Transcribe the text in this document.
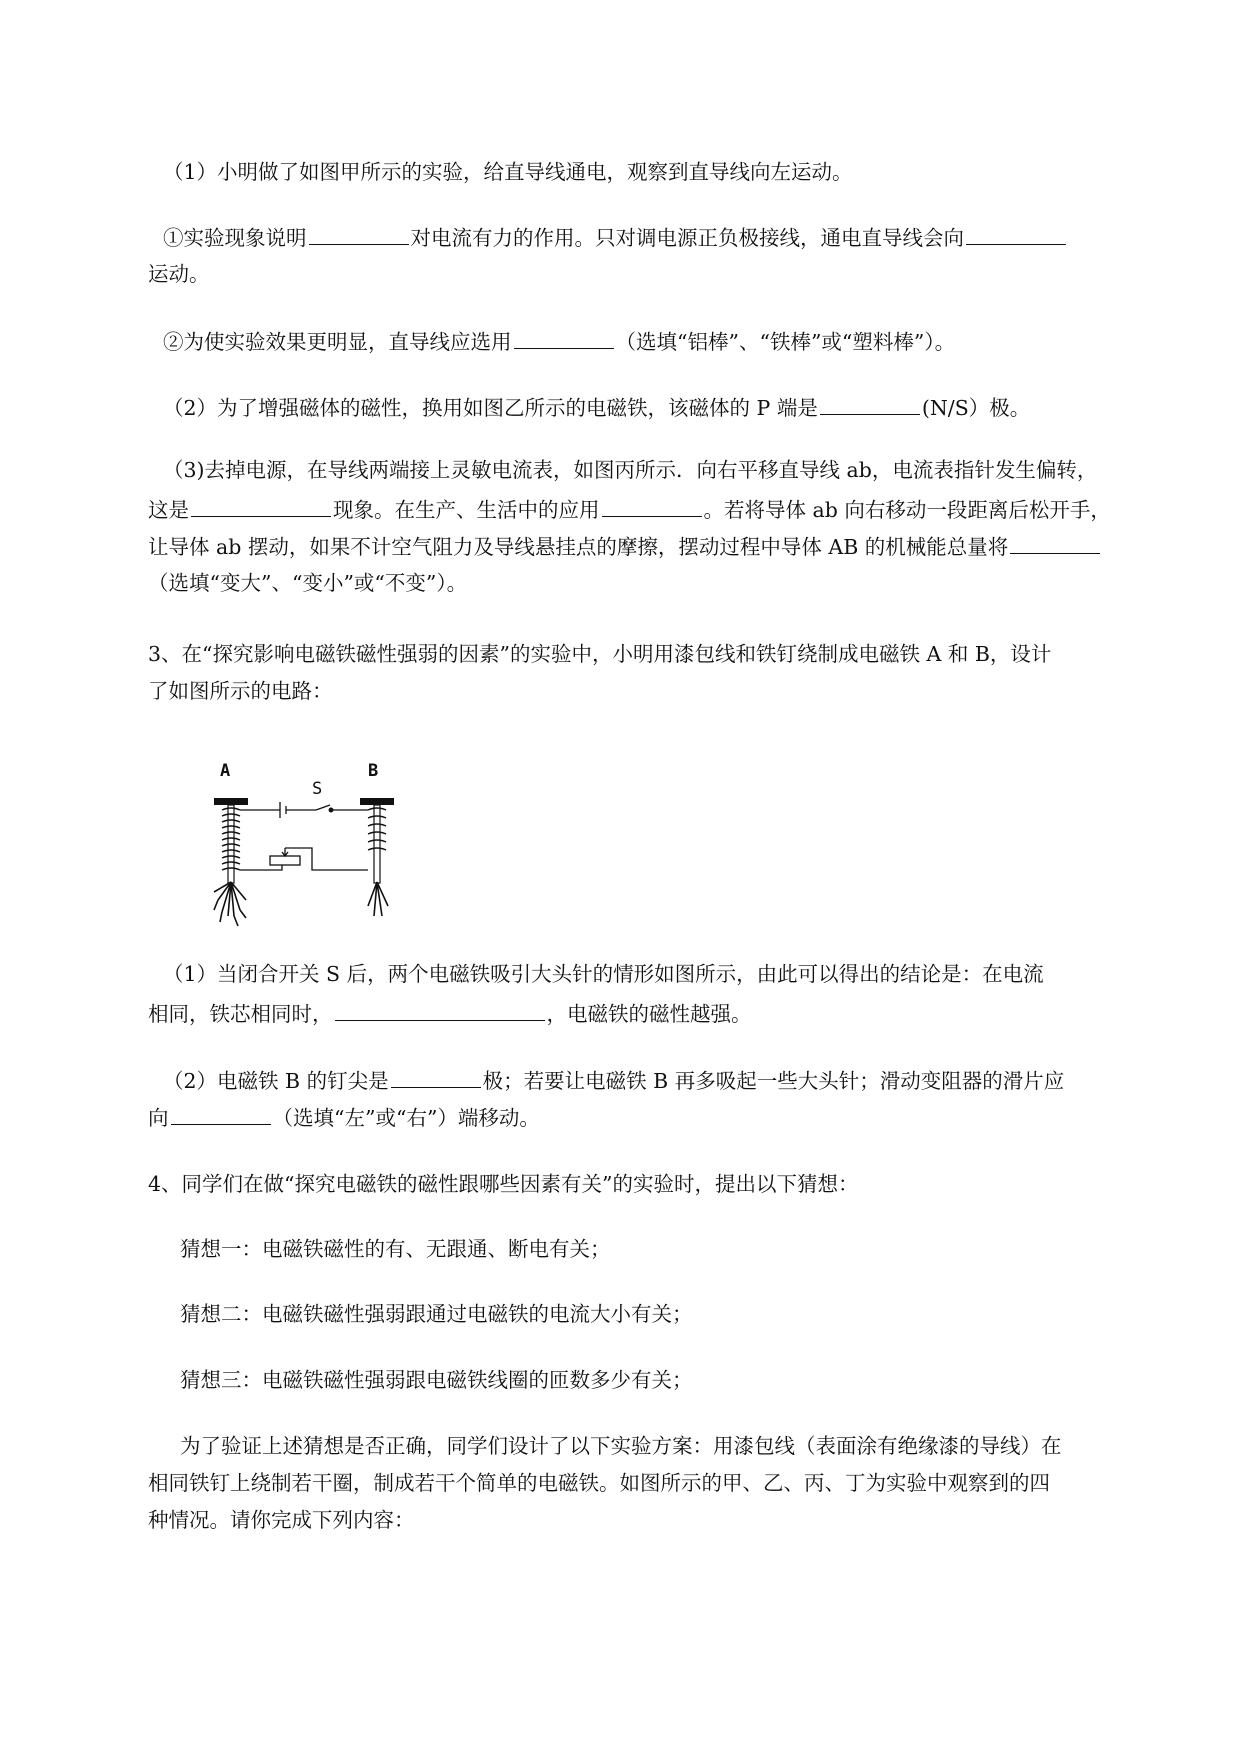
（1）小明做了如图甲所示的实验，给直导线通电，观察到直导线向左运动。
①实验现象说明	对电流有力的作用。只对调电源正负极接线，通电直导线会向
运动。
②为使实验效果更明显，直导线应选用	（选填“铝棒”、“铁棒”或“塑料棒”）。
（2）为了增强磁体的磁性，换用如图乙所示的电磁铁，该磁体的 P 端是	(N/S）极。
（3)去掉电源，在导线两端接上灵敏电流表，如图丙所示．向右平移直导线 ab，电流表指针发生偏转，
这是	现象。在生产、生活中的应用	。若将导体 ab 向右移动一段距离后松开手，
让导体 ab 摆动，如果不计空气阻力及导线悬挂点的摩擦，摆动过程中导体 AB 的机械能总量将
（选填“变大”、“变小”或“不变”）。
3、在“探究影响电磁铁磁性强弱的因素”的实验中，小明用漆包线和铁钉绕制成电磁铁 A 和 B，设计
了如图所示的电路：
A
S
B
（1）当闭合开关 S 后，两个电磁铁吸引大头针的情形如图所示，由此可以得出的结论是：在电流
相同，铁芯相同时，	，电磁铁的磁性越强。
（2）电磁铁 B 的钉尖是	极；若要让电磁铁 B 再多吸起一些大头针；滑动变阻器的滑片应
向	（选填“左”或“右”）端移动。
4、同学们在做“探究电磁铁的磁性跟哪些因素有关”的实验时，提出以下猜想：
猜想一：电磁铁磁性的有、无跟通、断电有关；
猜想二：电磁铁磁性强弱跟通过电磁铁的电流大小有关；
猜想三：电磁铁磁性强弱跟电磁铁线圈的匝数多少有关；
为了验证上述猜想是否正确，同学们设计了以下实验方案：用漆包线（表面涂有绝缘漆的导线）在
相同铁钉上绕制若干圈，制成若干个简单的电磁铁。如图所示的甲、乙、丙、丁为实验中观察到的四
种情况。请你完成下列内容：
